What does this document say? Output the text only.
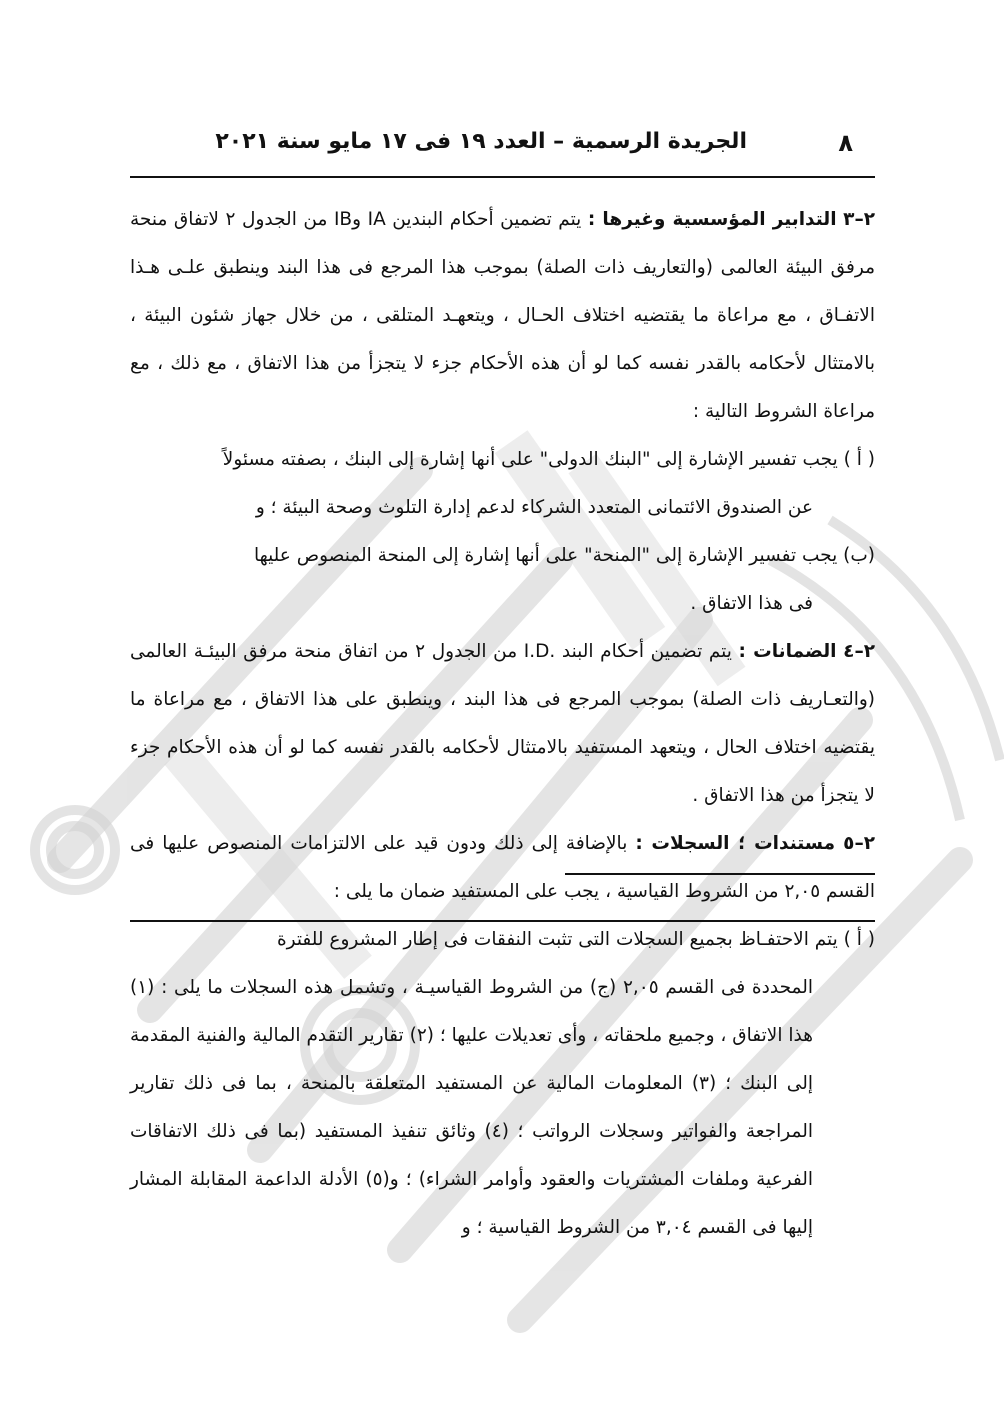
٨
الجريدة الرسمية – العدد ١٩ فى ١٧ مايو سنة ٢٠٢١

٢–٣ التدابير المؤسسية وغيرها : يتم تضمين أحكام البندين IA وIB من الجدول ٢ لاتفاق منحة مرفق البيئة العالمى (والتعاريف ذات الصلة) بموجب هذا المرجع فى هذا البند وينطبق علـى هـذا الاتفـاق ، مع مراعاة ما يقتضيه اختلاف الحـال ، ويتعهـد المتلقى ، من خلال جهاز شئون البيئة ، بالامتثال لأحكامه بالقدر نفسه كما لو أن هذه الأحكام جزء لا يتجزأ من هذا الاتفاق ، مع ذلك ، مع مراعاة الشروط التالية :

( أ ) يجب تفسير الإشارة إلى "البنك الدولى" على أنها إشارة إلى البنك ، بصفته مسئولاً
عن الصندوق الائتمانى المتعدد الشركاء لدعم إدارة التلوث وصحة البيئة ؛ و
(ب) يجب تفسير الإشارة إلى "المنحة" على أنها إشارة إلى المنحة المنصوص عليها
فى هذا الاتفاق .

٢–٤ الضمانات : يتم تضمين أحكام البند .I.D من الجدول ٢ من اتفاق منحة مرفق البيئـة العالمى (والتعـاريف ذات الصلة) بموجب المرجع فى هذا البند ، وينطبق على هذا الاتفاق ، مع مراعاة ما يقتضيه اختلاف الحال ، ويتعهد المستفيد بالامتثال لأحكامه بالقدر نفسه كما لو أن هذه الأحكام جزء لا يتجزأ من هذا الاتفاق .

٢–٥ مستندات ؛ السجلات : بالإضافة إلى ذلك ودون قيد على الالتزامات المنصوص عليها فى القسم ٢,٠٥ من الشروط القياسية ، يجب على المستفيد ضمان ما يلى :

( أ ) يتم الاحتفـاظ بجميع السجلات التى تثبت النفقات فى إطار المشروع للفترة
المحددة فى القسم ٢,٠٥ (ج) من الشروط القياسيـة ، وتشمل هذه السجلات ما يلى : (١) هذا الاتفاق ، وجميع ملحقاته ، وأى تعديلات عليها ؛ (٢) تقارير التقدم المالية والفنية المقدمة إلى البنك ؛ (٣) المعلومات المالية عن المستفيد المتعلقة بالمنحة ، بما فى ذلك تقارير المراجعة والفواتير وسجلات الرواتب ؛ (٤) وثائق تنفيذ المستفيد (بما فى ذلك الاتفاقات الفرعية وملفات المشتريات والعقود وأوامر الشراء) ؛ و(٥) الأدلة الداعمة المقابلة المشار إليها فى القسم ٣,٠٤ من الشروط القياسية ؛ و
